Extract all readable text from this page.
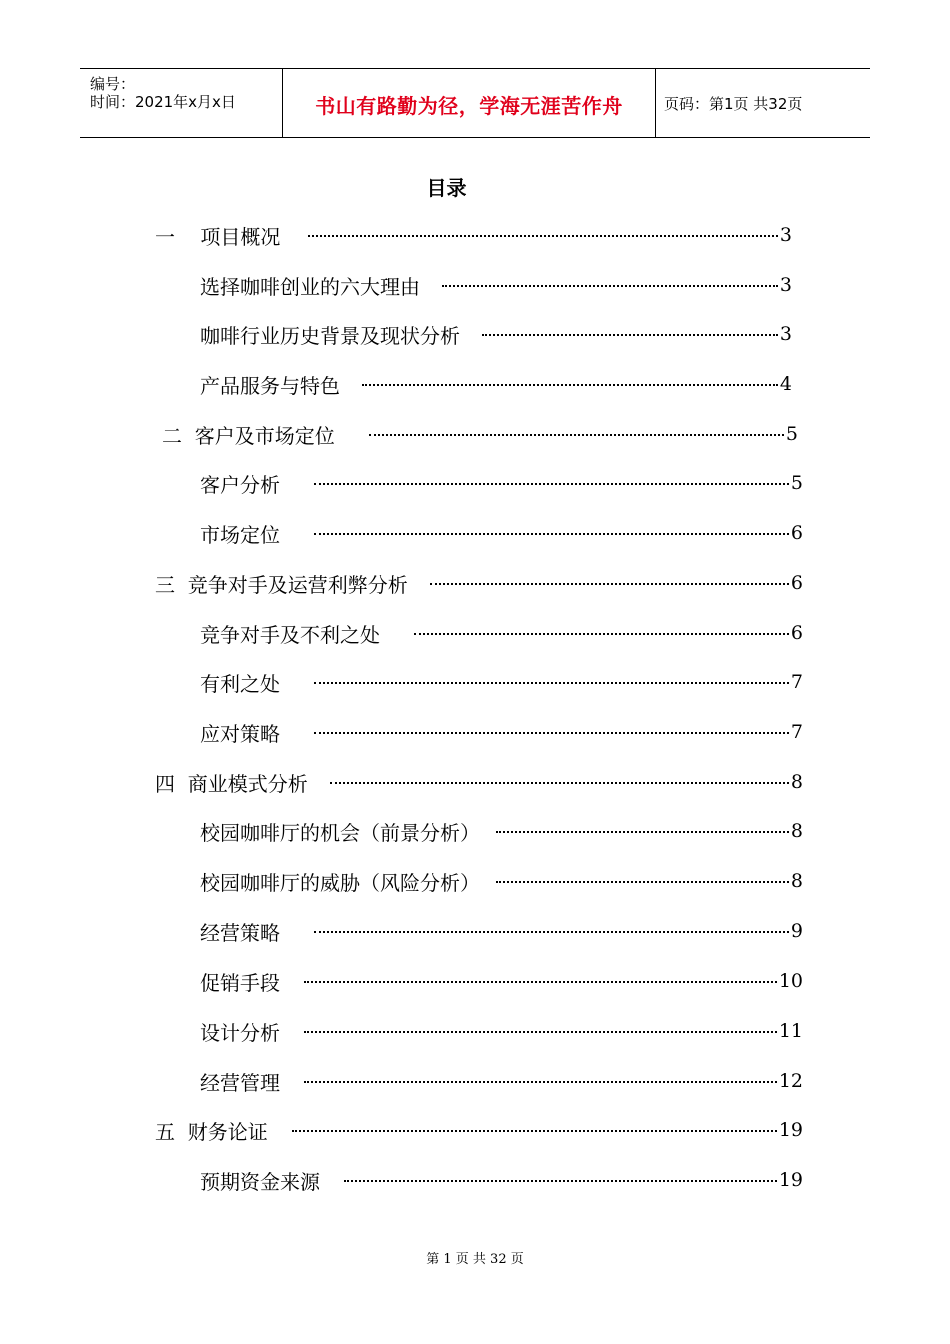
编号：
时间：2021年x月x日	书山有路勤为径，学海无涯苦作舟	页码：第1页 共32页
目录
一    项目概况	3
选择咖啡创业的六大理由	3
咖啡行业历史背景及现状分析	3
产品服务与特色	4
二  客户及市场定位	5
客户分析	5
市场定位	6
三  竞争对手及运营利弊分析	6
竞争对手及不利之处	6
有利之处	7
应对策略	7
四  商业模式分析	8
校园咖啡厅的机会（前景分析）	8
校园咖啡厅的威胁（风险分析）	8
经营策略	9
促销手段	10
设计分析	11
经营管理	12
五  财务论证	19
预期资金来源	19
第 1 页 共 32 页
